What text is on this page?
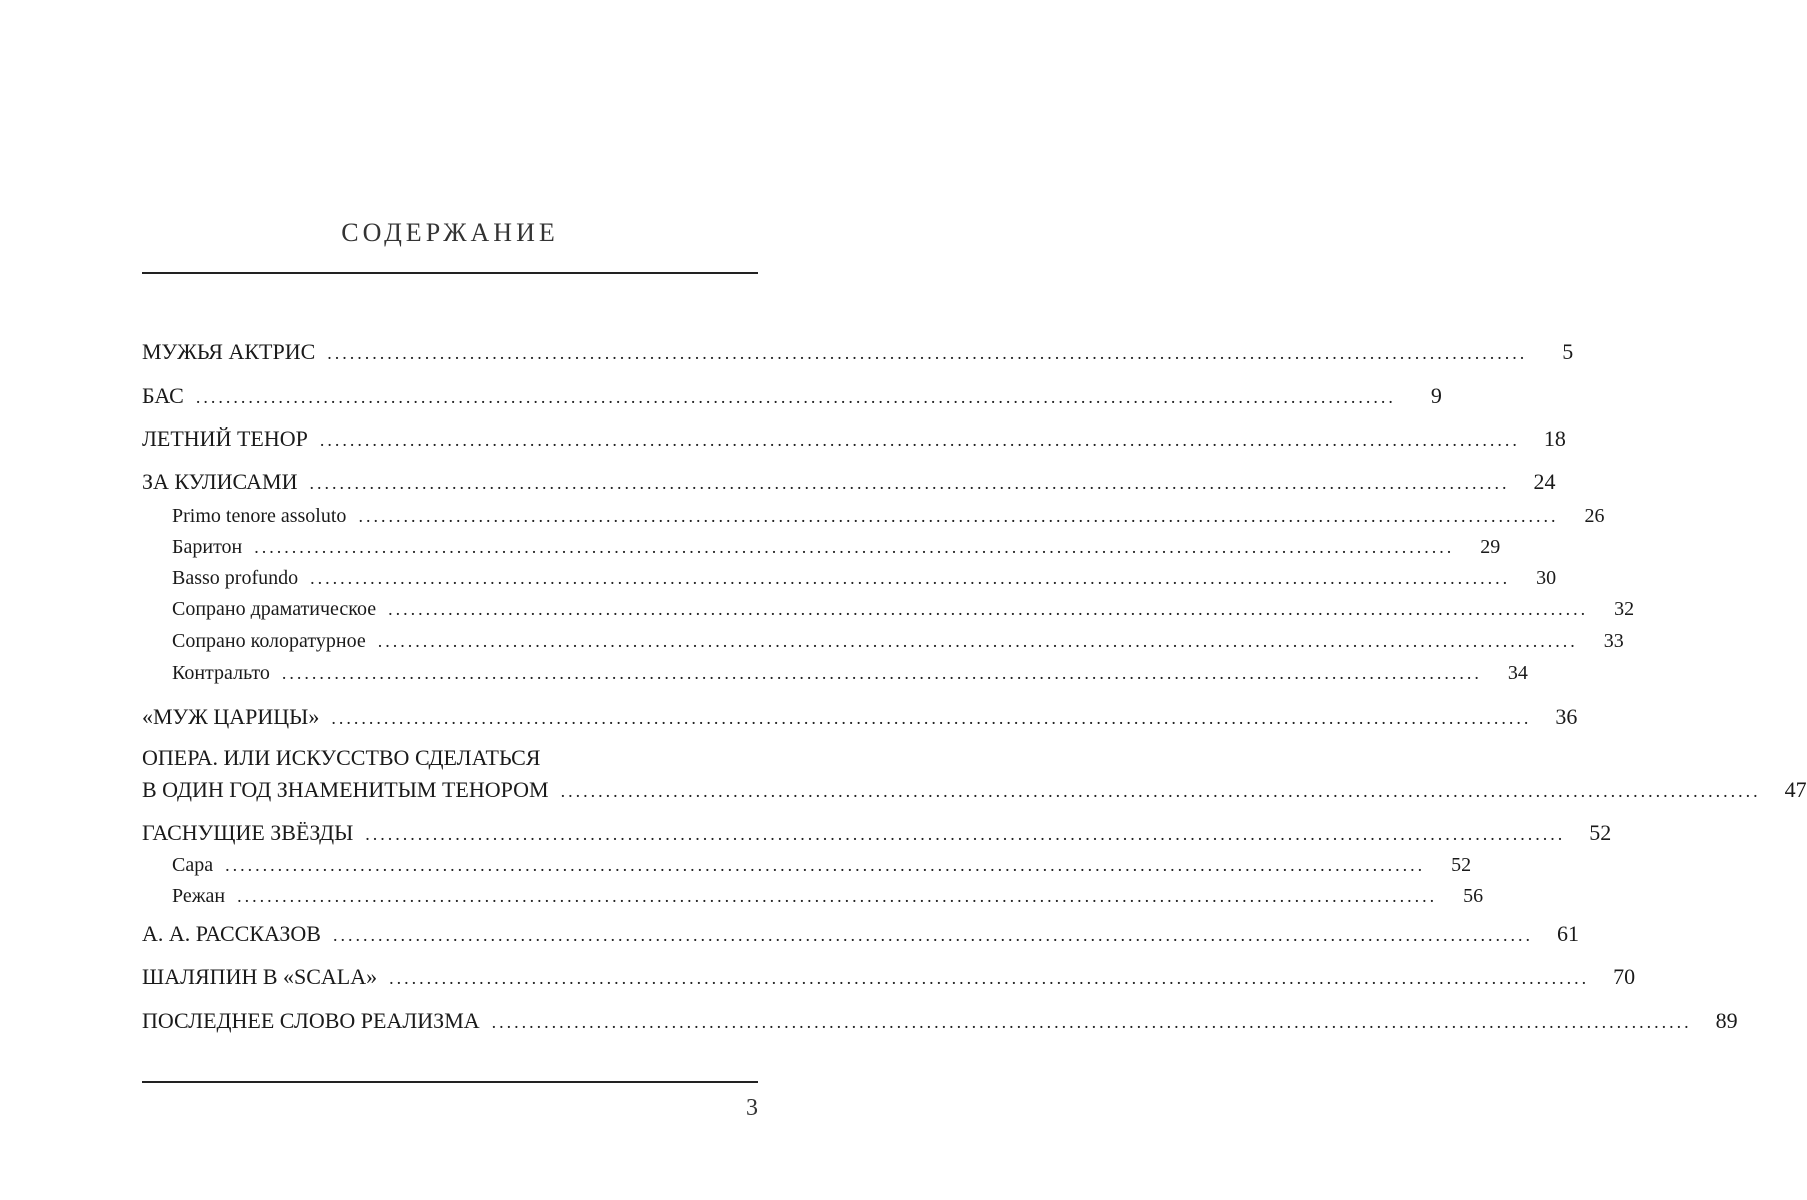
СОДЕРЖАНИЕ
МУЖЬЯ АКТРИС ................................................................................................................................................................	5
БАС ................................................................................................................................................................	9
ЛЕТНИЙ ТЕНОР ................................................................................................................................................................	18
ЗА КУЛИСАМИ ................................................................................................................................................................	24
Primo tenore assoluto ................................................................................................................................................................	26
Баритон ................................................................................................................................................................	29
Basso profundo ................................................................................................................................................................	30
Сопрано драматическое ................................................................................................................................................................	32
Сопрано колоратурное ................................................................................................................................................................	33
Контральто ................................................................................................................................................................	34
«МУЖ ЦАРИЦЫ» ................................................................................................................................................................	36
ОПЕРА. ИЛИ ИСКУССТВО СДЕЛАТЬСЯ
В ОДИН ГОД ЗНАМЕНИТЫМ ТЕНОРОМ ................................................................................................................................................................	47
ГАСНУЩИЕ ЗВЁЗДЫ ................................................................................................................................................................	52
Сара ................................................................................................................................................................	52
Режан ................................................................................................................................................................	56
А. А. РАССКАЗОВ ................................................................................................................................................................	61
ШАЛЯПИН В «SCALA» ................................................................................................................................................................	70
ПОСЛЕДНЕЕ СЛОВО РЕАЛИЗМА ................................................................................................................................................................	89
3
